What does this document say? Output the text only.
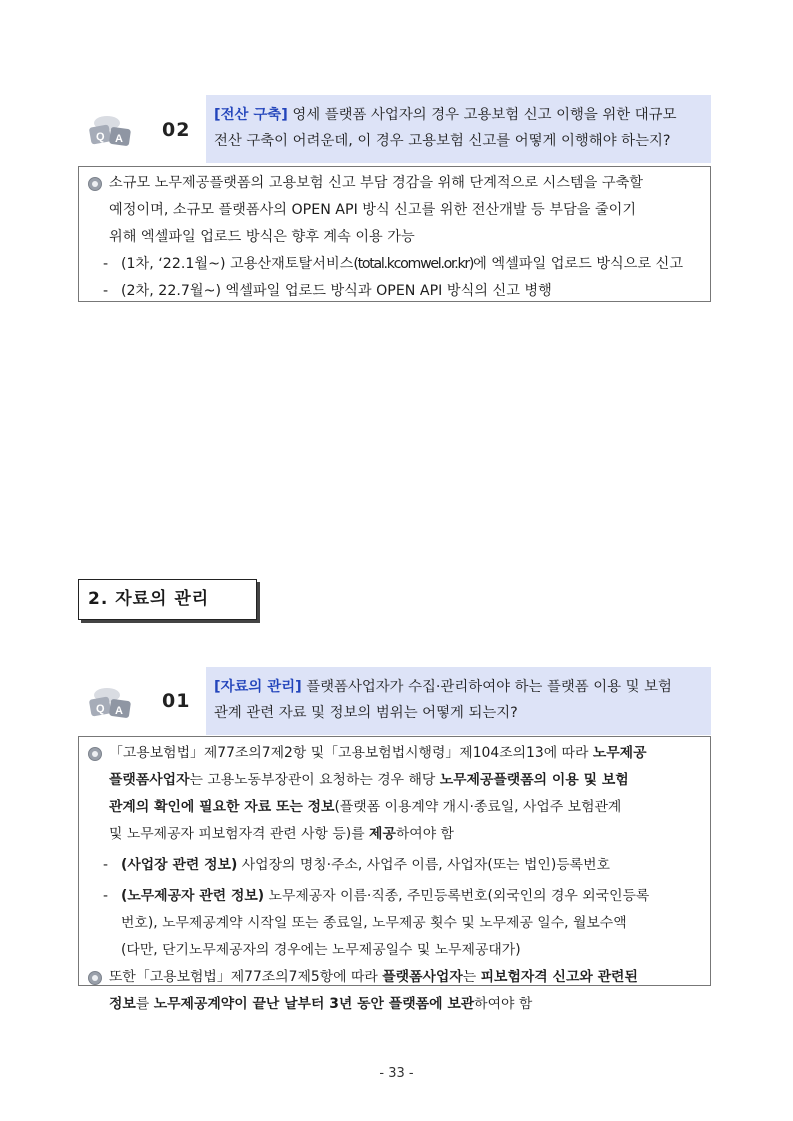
Q A 02
[전산 구축] 영세 플랫폼 사업자의 경우 고용보험 신고 이행을 위한 대규모
전산 구축이 어려운데, 이 경우 고용보험 신고를 어떻게 이행해야 하는지?
소규모 노무제공플랫폼의 고용보험 신고 부담 경감을 위해 단계적으로 시스템을 구축할
예정이며, 소규모 플랫폼사의 OPEN API 방식 신고를 위한 전산개발 등 부담을 줄이기
위해 엑셀파일 업로드 방식은 향후 계속 이용 가능
- (1차, ‘22.1월~) 고용산재토탈서비스(total.kcomwel.or.kr)에 엑셀파일 업로드 방식으로 신고
- (2차, 22.7월~) 엑셀파일 업로드 방식과 OPEN API 방식의 신고 병행
2. 자료의 관리
Q A 01
[자료의 관리] 플랫폼사업자가 수집·관리하여야 하는 플랫폼 이용 및 보험
관계 관련 자료 및 정보의 범위는 어떻게 되는지?
「고용보험법」제77조의7제2항 및「고용보험법시행령」제104조의13에 따라 노무제공
플랫폼사업자는 고용노동부장관이 요청하는 경우 해당 노무제공플랫폼의 이용 및 보험
관계의 확인에 필요한 자료 또는 정보(플랫폼 이용계약 개시·종료일, 사업주 보험관계
및 노무제공자 피보험자격 관련 사항 등)를 제공하여야 함
- (사업장 관련 정보) 사업장의 명칭·주소, 사업주 이름, 사업자(또는 법인)등록번호
- (노무제공자 관련 정보) 노무제공자 이름·직종, 주민등록번호(외국인의 경우 외국인등록
번호), 노무제공계약 시작일 또는 종료일, 노무제공 횟수 및 노무제공 일수, 월보수액
(다만, 단기노무제공자의 경우에는 노무제공일수 및 노무제공대가)
또한「고용보험법」제77조의7제5항에 따라 플랫폼사업자는 피보험자격 신고와 관련된
정보를 노무제공계약이 끝난 날부터 3년 동안 플랫폼에 보관하여야 함
- 33 -
